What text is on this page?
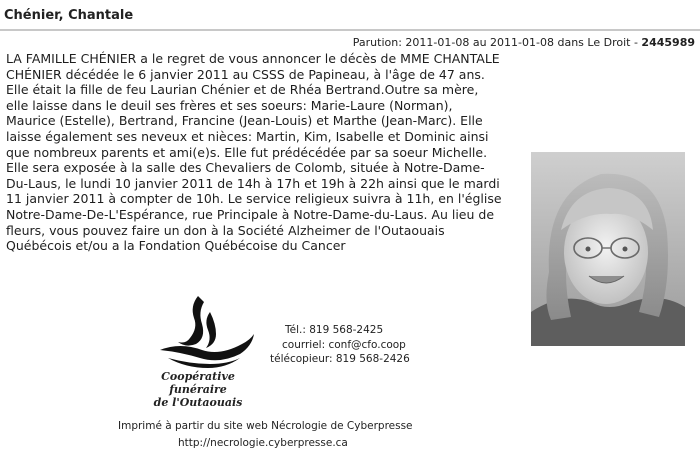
Chénier, Chantale
Parution: 2011-01-08 au 2011-01-08 dans Le Droit - 2445989
LA FAMILLE CHÉNIER a le regret de vous annoncer le décès de MME CHANTALE CHÉNIER décédée le 6 janvier 2011 au CSSS de Papineau, à l'âge de 47 ans. Elle était la fille de feu Laurian Chénier et de Rhéa Bertrand.Outre sa mère, elle laisse dans le deuil ses frères et ses soeurs: Marie-Laure (Norman), Maurice (Estelle), Bertrand, Francine (Jean-Louis) et Marthe (Jean-Marc). Elle laisse également ses neveux et nièces: Martin, Kim, Isabelle et Dominic ainsi que nombreux parents et ami(e)s. Elle fut prédécédée par sa soeur Michelle. Elle sera exposée à la salle des Chevaliers de Colomb, située à Notre-Dame-Du-Laus, le lundi 10 janvier 2011 de 14h à 17h et 19h à 22h ainsi que le mardi 11 janvier 2011 à compter de 10h. Le service religieux suivra à 11h, en l'église Notre-Dame-De-L'Espérance, rue Principale à Notre-Dame-du-Laus. Au lieu de fleurs, vous pouvez faire un don à la Société Alzheimer de l'Outaouais Québécois et/ou a la Fondation Québécoise du Cancer
Coopérative funéraire
de l'Outaouais
Tél.: 819 568-2425
courriel: conf@cfo.coop
télécopieur: 819 568-2426
Imprimé à partir du site web Nécrologie de Cyberpresse
http://necrologie.cyberpresse.ca
